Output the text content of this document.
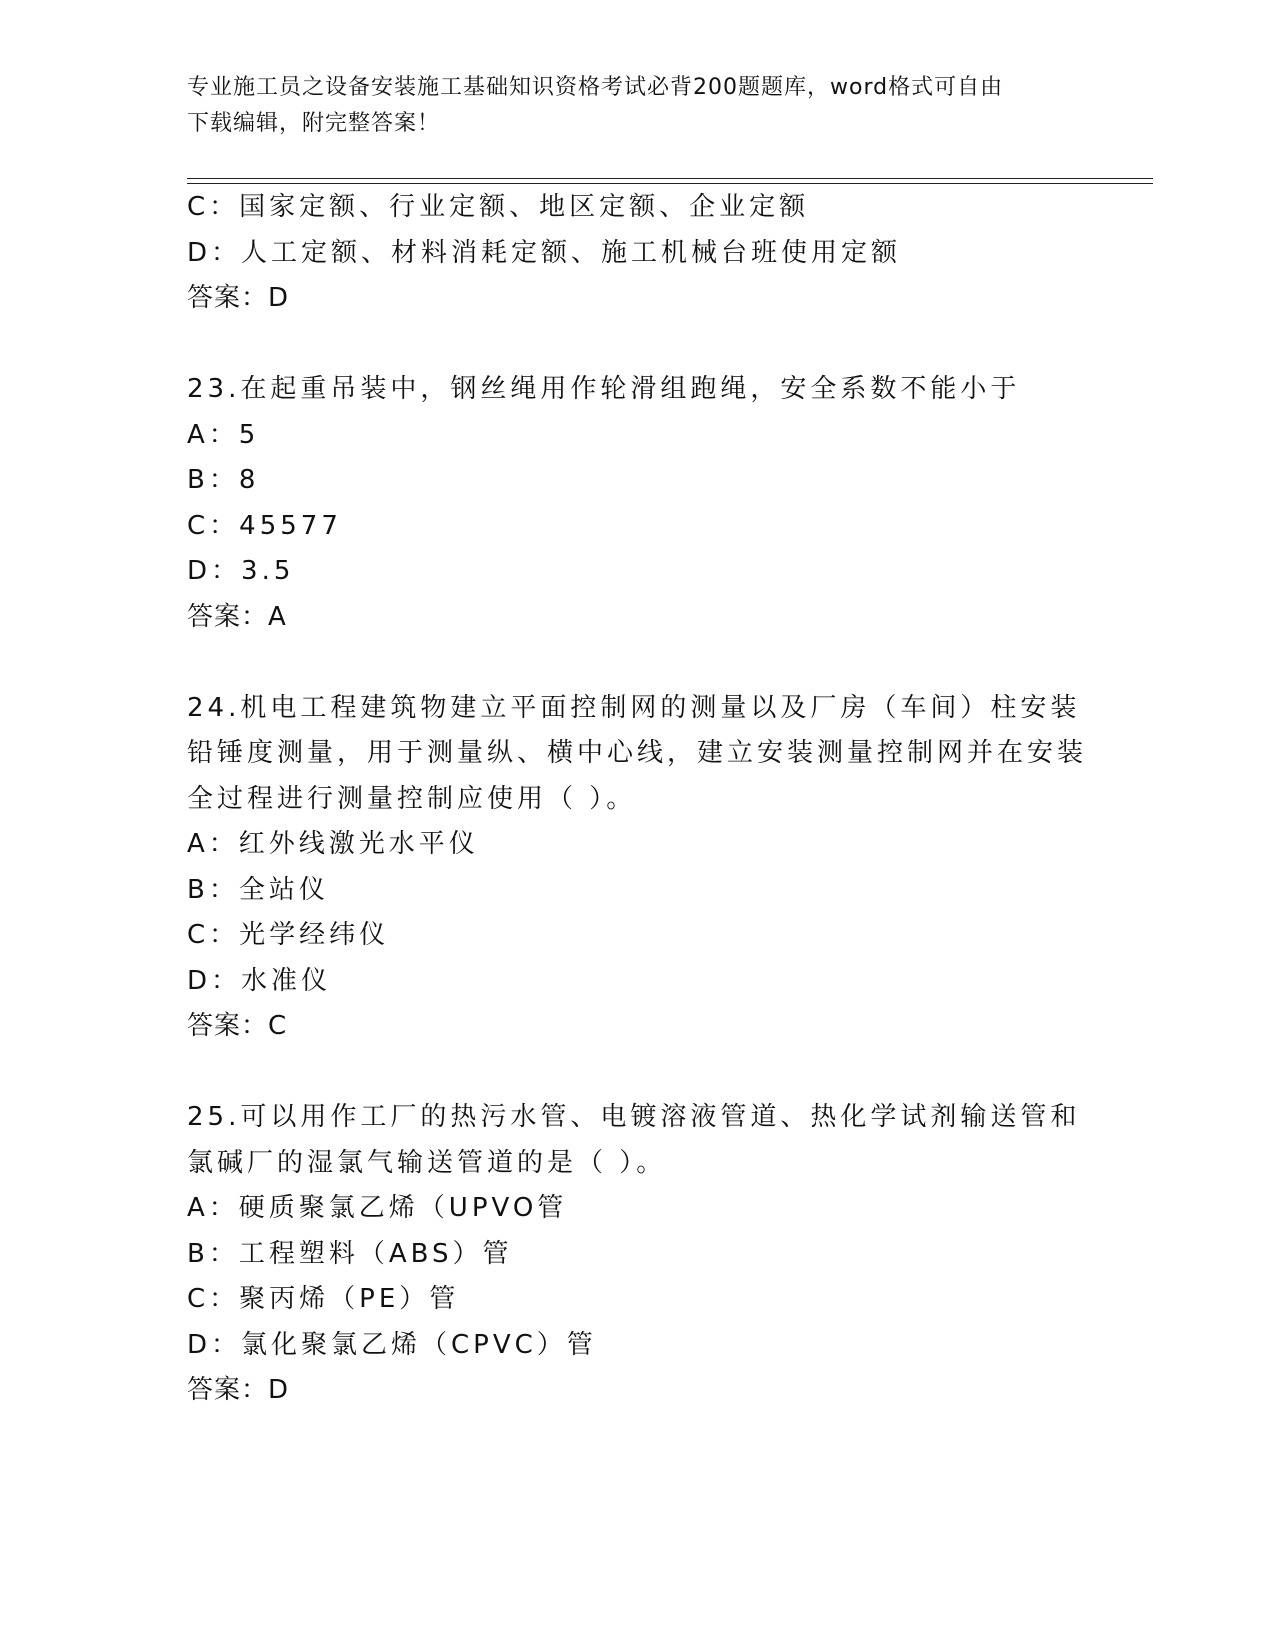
专业施工员之设备安装施工基础知识资格考试必背200题题库，word格式可自由
下载编辑，附完整答案！
C：国家定额、行业定额、地区定额、企业定额
D：人工定额、材料消耗定额、施工机械台班使用定额
答案：D
23.在起重吊装中，钢丝绳用作轮滑组跑绳，安全系数不能小于
A：5
B：8
C：45577
D：3.5
答案：A
24.机电工程建筑物建立平面控制网的测量以及厂房（车间）柱安装铅锤度测量，用于测量纵、横中心线，建立安装测量控制网并在安装全过程进行测量控制应使用（ ）。
A：红外线激光水平仪
B：全站仪
C：光学经纬仪
D：水准仪
答案：C
25.可以用作工厂的热污水管、电镀溶液管道、热化学试剂输送管和氯碱厂的湿氯气输送管道的是（ ）。
A：硬质聚氯乙烯（UPVO管
B：工程塑料（ABS）管
C：聚丙烯（PE）管
D：氯化聚氯乙烯（CPVC）管
答案：D
